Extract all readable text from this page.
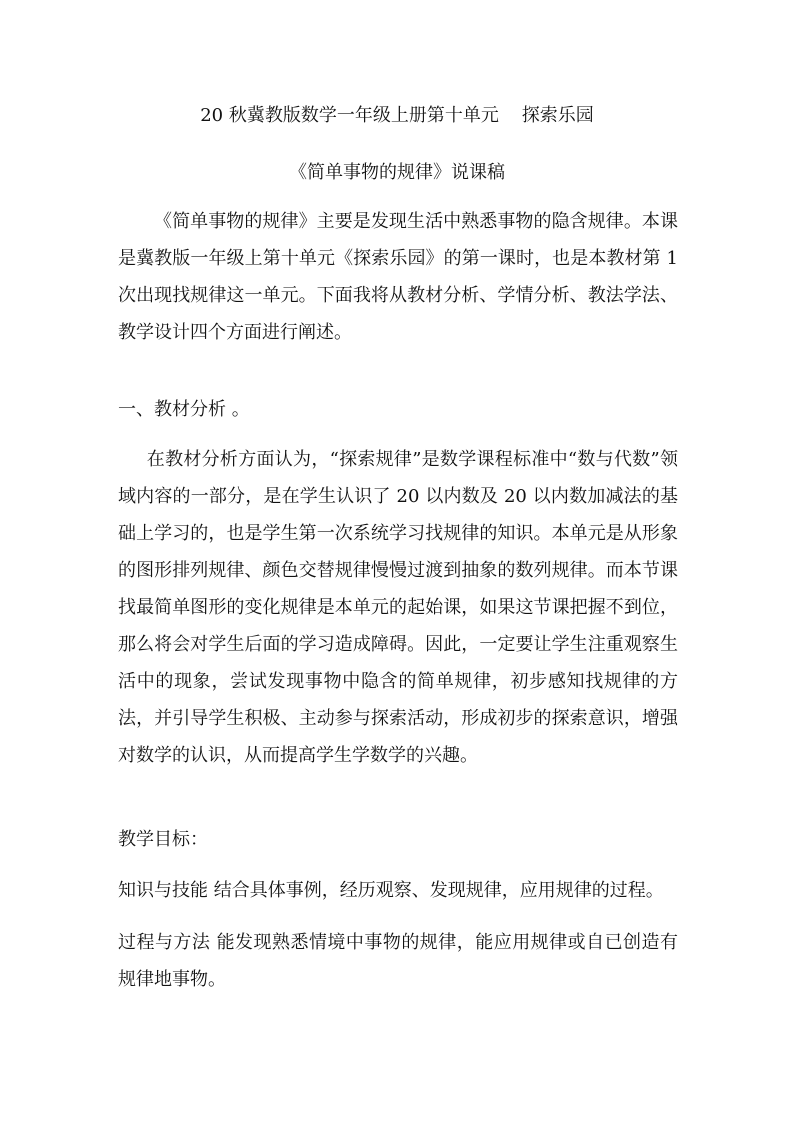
20 秋冀教版数学一年级上册第十单元    探索乐园
《简单事物的规律》说课稿
《简单事物的规律》主要是发现生活中熟悉事物的隐含规律。本课是冀教版一年级上第十单元《探索乐园》的第一课时，也是本教材第 1 次出现找规律这一单元。下面我将从教材分析、学情分析、教法学法、教学设计四个方面进行阐述。
一、教材分析 。
在教材分析方面认为，“探索规律”是数学课程标准中“数与代数”领域内容的一部分，是在学生认识了 20 以内数及 20 以内数加减法的基础上学习的，也是学生第一次系统学习找规律的知识。本单元是从形象的图形排列规律、颜色交替规律慢慢过渡到抽象的数列规律。而本节课找最简单图形的变化规律是本单元的起始课，如果这节课把握不到位，那么将会对学生后面的学习造成障碍。因此，一定要让学生注重观察生活中的现象，尝试发现事物中隐含的简单规律，初步感知找规律的方法，并引导学生积极、主动参与探索活动，形成初步的探索意识，增强对数学的认识，从而提高学生学数学的兴趣。
教学目标：
知识与技能 结合具体事例，经历观察、发现规律，应用规律的过程。
过程与方法 能发现熟悉情境中事物的规律，能应用规律或自已创造有规律地事物。
